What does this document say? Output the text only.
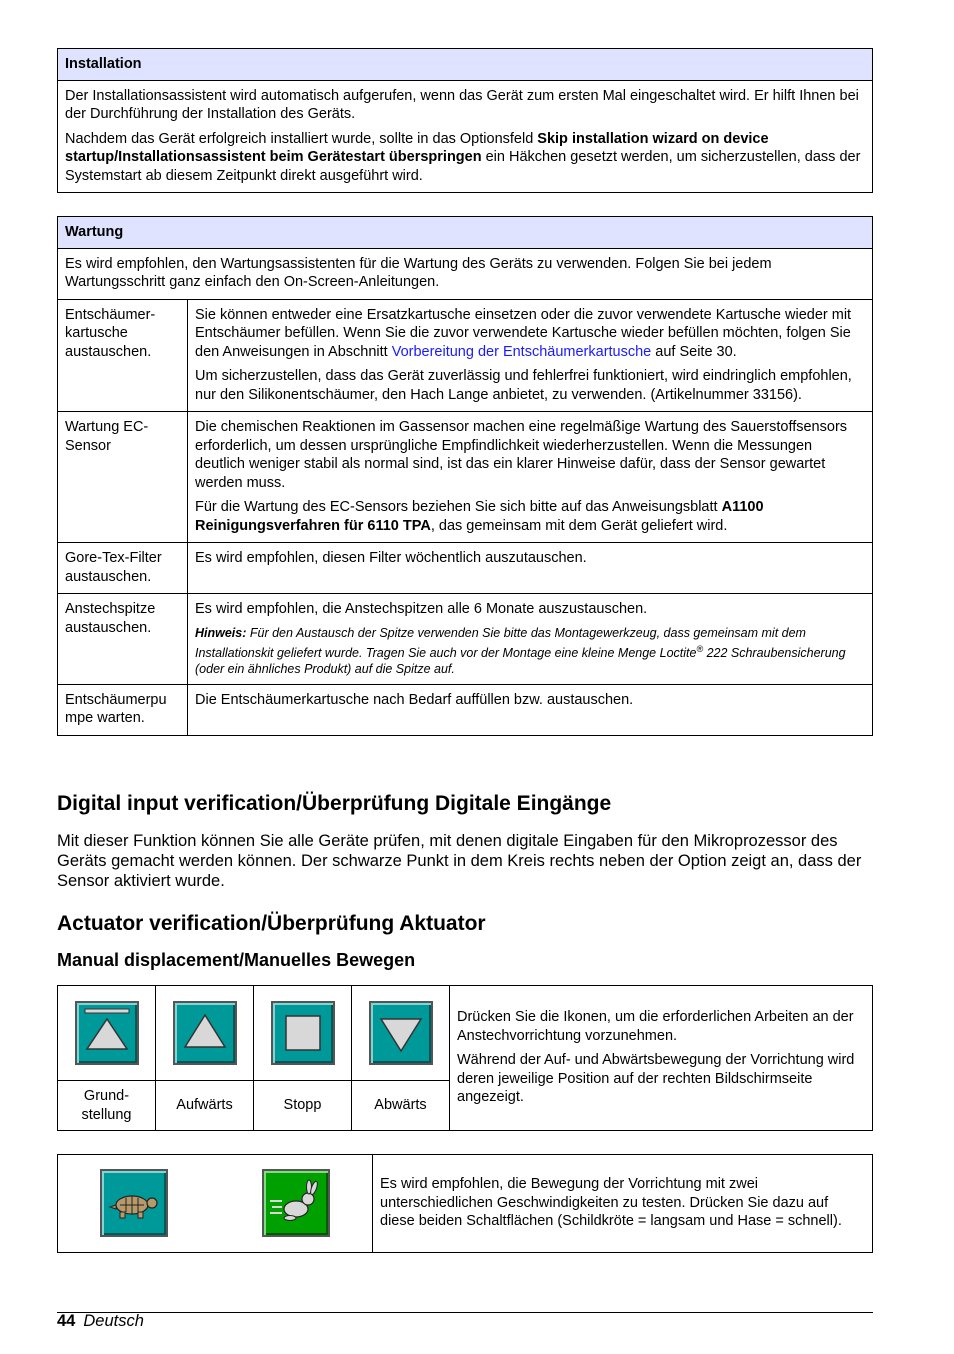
Installation

Der Installationsassistent wird automatisch aufgerufen, wenn das Gerät zum ersten Mal eingeschaltet wird. Er hilft Ihnen bei der Durchführung der Installation des Geräts.

Nachdem das Gerät erfolgreich installiert wurde, sollte in das Optionsfeld Skip installation wizard on device startup/Installationsassistent beim Gerätestart überspringen ein Häkchen gesetzt werden, um sicherzustellen, dass der Systemstart ab diesem Zeitpunkt direkt ausgeführt wird.

Wartung	
Es wird empfohlen, den Wartungsassistenten für die Wartung des Geräts zu verwenden. Folgen Sie bei jedem Wartungsschritt ganz einfach den On-Screen-Anleitungen.	
Entschäumer-kartusche austauschen.	Sie können entweder eine Ersatzkartusche einsetzen oder die zuvor verwendete Kartusche wieder mit Entschäumer befüllen. Wenn Sie die zuvor verwendete Kartusche wieder befüllen möchten, folgen Sie den Anweisungen in Abschnitt Vorbereitung der Entschäumerkartusche auf Seite 30.

Um sicherzustellen, dass das Gerät zuverlässig und fehlerfrei funktioniert, wird eindringlich empfohlen, nur den Silikonentschäumer, den Hach Lange anbietet, zu verwenden. (Artikelnummer 33156).

Wartung EC-Sensor	Die chemischen Reaktionen im Gassensor machen eine regelmäßige Wartung des Sauerstoffsensors erforderlich, um dessen ursprüngliche Empfindlichkeit wiederherzustellen. Wenn die Messungen deutlich weniger stabil als normal sind, ist das ein klarer Hinweise dafür, dass der Sensor gewartet werden muss.

Für die Wartung des EC-Sensors beziehen Sie sich bitte auf das Anweisungsblatt A1100 Reinigungsverfahren für 6110 TPA, das gemeinsam mit dem Gerät geliefert wird.

Gore-Tex-Filter austauschen.	Es wird empfohlen, diesen Filter wöchentlich auszutauschen.

Anstechspitze austauschen.	Es wird empfohlen, die Anstechspitzen alle 6 Monate auszustauschen.

Hinweis: Für den Austausch der Spitze verwenden Sie bitte das Montagewerkzeug, dass gemeinsam mit dem Installationskit geliefert wurde. Tragen Sie auch vor der Montage eine kleine Menge Loctite® 222 Schraubensicherung (oder ein ähnliches Produkt) auf die Spitze auf.

Entschäumerpu mpe warten.	Die Entschäumerkartusche nach Bedarf auffüllen bzw. austauschen.

Digital input verification/Überprüfung Digitale Eingänge

Mit dieser Funktion können Sie alle Geräte prüfen, mit denen digitale Eingaben für den Mikroprozessor des Geräts gemacht werden können. Der schwarze Punkt in dem Kreis rechts neben der Option zeigt an, dass der Sensor aktiviert wurde.

Actuator verification/Überprüfung Aktuator
Manual displacement/Manuelles Bewegen

Drücken Sie die Ikonen, um die erforderlichen Arbeiten an der Anstechvorrichtung vorzunehmen.

Während der Auf- und Abwärtsbewegung der Vorrichtung wird deren jeweilige Position auf der rechten Bildschirmseite angezeigt.

Grund-stellung	Aufwärts	Stopp	Abwärts	
	Es wird empfohlen, die Bewegung der Vorrichtung mit zwei unterschiedlichen Geschwindigkeiten zu testen. Drücken Sie dazu auf diese beiden Schaltflächen (Schildkröte = langsam und Hase = schnell).
44 Deutsch
